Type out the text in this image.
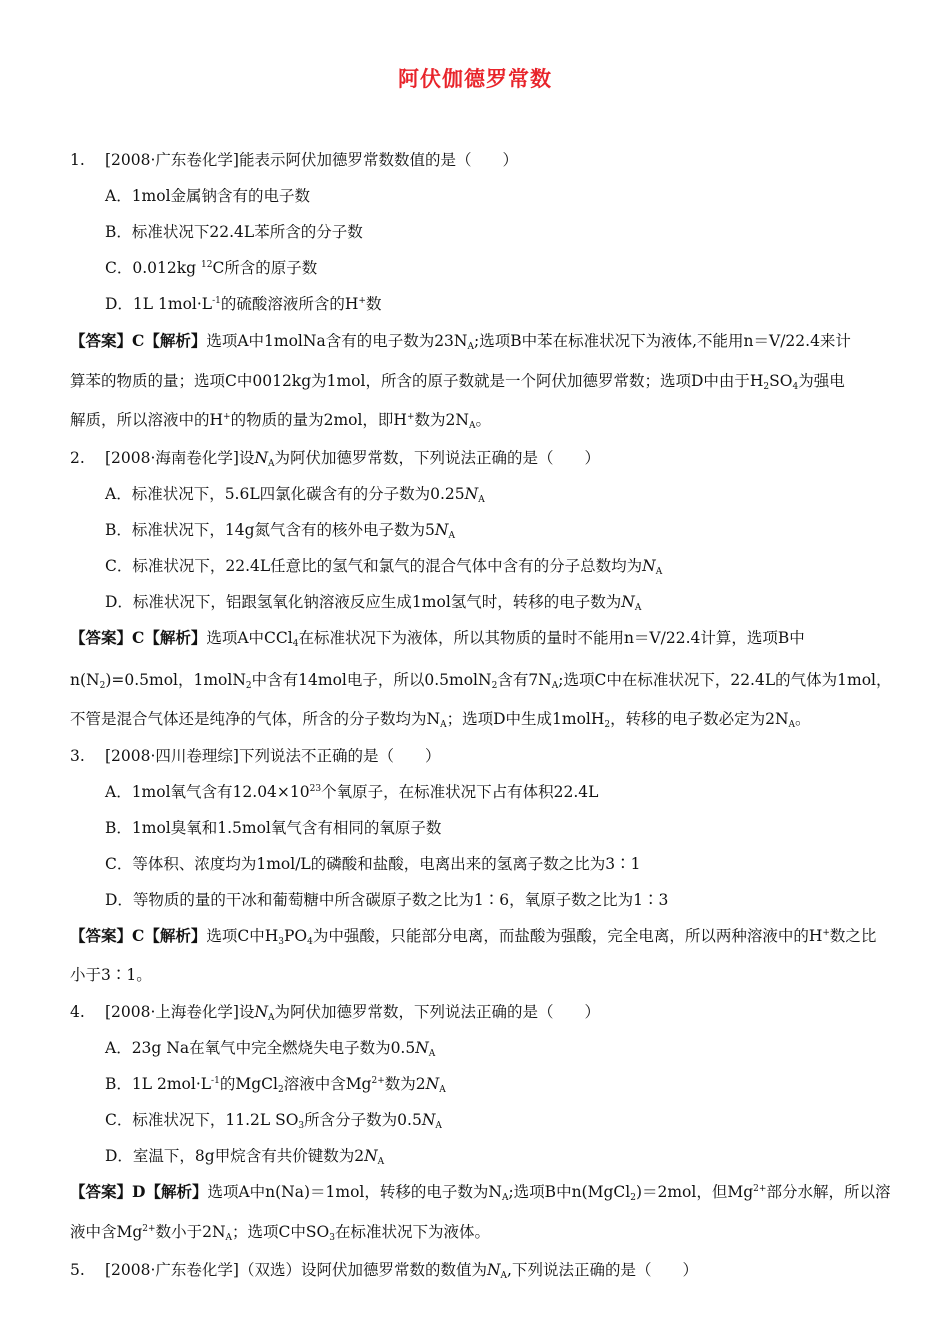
阿伏伽德罗常数
1. [2008·广东卷化学]能表示阿伏加德罗常数数值的是（　　）
A．1mol金属钠含有的电子数
B．标准状况下22.4L苯所含的分子数
C．0.012kg $^{12}$C所含的原子数
D．1L $1mol\cdot L^{-1}$的硫酸溶液所含的H+数
【答案】C【解析】选项A中1molNa含有的电子数为$23N_A$;选项B中苯在标准状况下为液体,不能用n＝V/22.4来计
算苯的物质的量；选项C中0012kg为1mol，所含的原子数就是一个阿伏加德罗常数；选项D中由于$H_2SO_4$为强电
解质，所以溶液中的H+的物质的量为2mol，即H+数为$2N_A$。
2. [2008·海南卷化学]设$N_A$为阿伏加德罗常数，下列说法正确的是（　　）
A．标准状况下，5.6L四氯化碳含有的分子数为$0.25N_A$
B．标准状况下，14g氮气含有的核外电子数为$5N_A$
C．标准状况下，22.4L任意比的氢气和氯气的混合气体中含有的分子总数均为$N_A$
D．标准状况下，铝跟氢氧化钠溶液反应生成1mol氢气时，转移的电子数为$N_A$
【答案】C【解析】选项A中CCl$_4$在标准状况下为液体，所以其物质的量时不能用n＝V/22.4计算，选项B中
$n(N_2)=0.5mol$，1molN$_2$中含有14mol电子，所以0.5molN$_2$含有$7N_A$;选项C中在标准状况下，22.4L的气体为1mol，
不管是混合气体还是纯净的气体，所含的分子数均为$N_A$；选项D中生成1molH$_2$，转移的电子数必定为$2N_A$。
3. [2008·四川卷理综]下列说法不正确的是（　　）
A．1mol氧气含有$12.04\times 10^{23}$个氧原子，在标准状况下占有体积22.4L
B．1mol臭氧和1.5mol氧气含有相同的氧原子数
C．等体积、浓度均为1mol/L的磷酸和盐酸，电离出来的氢离子数之比为3∶1
D．等物质的量的干冰和葡萄糖中所含碳原子数之比为1∶6，氧原子数之比为1∶3
【答案】C【解析】选项C中$H_3PO_4$为中强酸，只能部分电离，而盐酸为强酸，完全电离，所以两种溶液中的H+数之比
小于3∶1。
4. [2008·上海卷化学]设$N_A$为阿伏加德罗常数，下列说法正确的是（　　）
A．23g Na在氧气中完全燃烧失电子数为$0.5N_A$
B．1L $2mol\cdot L^{-1}$的MgCl$_2$溶液中含$Mg^{2+}$数为$2N_A$
C．标准状况下，11.2L $SO_3$所含分子数为$0.5N_A$
D．室温下，8g甲烷含有共价键数为$2N_A$
【答案】D【解析】选项A中n(Na)＝1mol，转移的电子数为$N_A$;选项B中n(MgCl$_2$)＝2mol，但$Mg^{2+}$部分水解，所以溶
液中含$Mg^{2+}$数小于$2N_A$；选项C中$SO_3$在标准状况下为液体。
5. [2008·广东卷化学]（双选）设阿伏加德罗常数的数值为$N_A$,下列说法正确的是（　　）
